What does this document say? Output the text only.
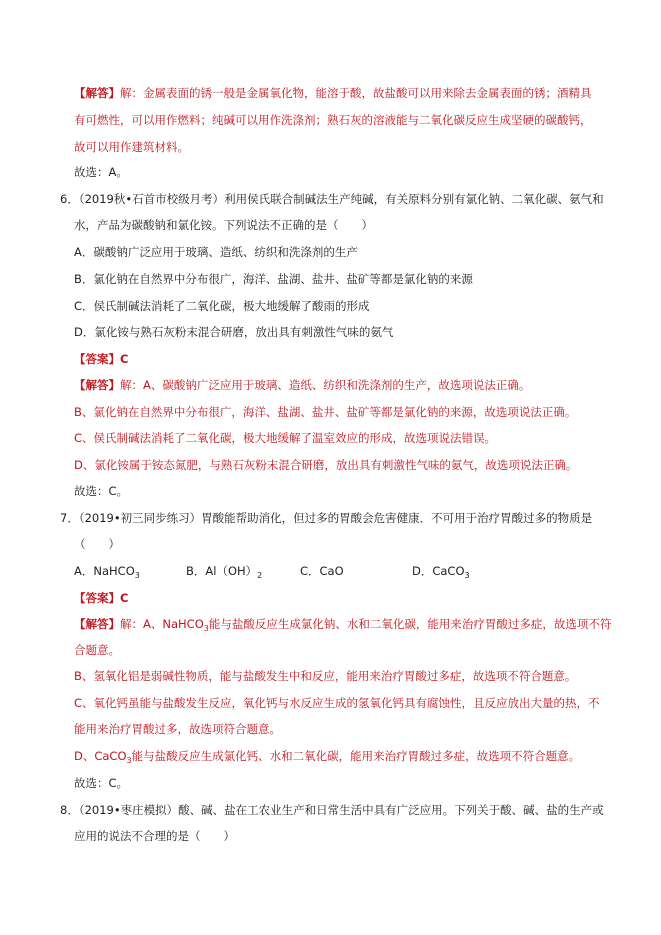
【解答】解：金属表面的锈一般是金属氧化物，能溶于酸，故盐酸可以用来除去金属表面的锈；酒精具
有可燃性，可以用作燃料；纯碱可以用作洗涤剂；熟石灰的溶液能与二氧化碳反应生成坚硬的碳酸钙，
故可以用作建筑材料。
故选：A。
6．（2019秋•石首市校级月考）利用侯氏联合制碱法生产纯碱，有关原料分别有氯化钠、二氧化碳、氨气和
水，产品为碳酸钠和氯化铵。下列说法不正确的是（　　）
A．碳酸钠广泛应用于玻璃、造纸、纺织和洗涤剂的生产
B．氯化钠在自然界中分布很广，海洋、盐湖、盐井、盐矿等都是氯化钠的来源
C．侯氏制碱法消耗了二氧化碳，极大地缓解了酸雨的形成
D．氯化铵与熟石灰粉末混合研磨，放出具有刺激性气味的氨气
【答案】C
【解答】解：A、碳酸钠广泛应用于玻璃、造纸、纺织和洗涤剂的生产，故选项说法正确。
B、氯化钠在自然界中分布很广，海洋、盐湖、盐井、盐矿等都是氯化钠的来源，故选项说法正确。
C、侯氏制碱法消耗了二氧化碳，极大地缓解了温室效应的形成，故选项说法错误。
D、氯化铵属于铵态氮肥，与熟石灰粉末混合研磨，放出具有刺激性气味的氨气，故选项说法正确。
故选：C。
7．（2019•初三同步练习）胃酸能帮助消化，但过多的胃酸会危害健康．不可用于治疗胃酸过多的物质是
（　　）
A．NaHCO$_3$	B．$Al(OH)_2$	C．CaO	D．CaCO$_3$
【答案】C
【解答】解：A、NaHCO$_3$能与盐酸反应生成氯化钠、水和二氧化碳，能用来治疗胃酸过多症，故选项不符
合题意。
B、氢氧化铝是弱碱性物质，能与盐酸发生中和反应，能用来治疗胃酸过多症，故选项不符合题意。
C、氧化钙虽能与盐酸发生反应，氧化钙与水反应生成的氢氧化钙具有腐蚀性，且反应放出大量的热，不
能用来治疗胃酸过多，故选项符合题意。
D、CaCO$_3$能与盐酸反应生成氯化钙、水和二氧化碳，能用来治疗胃酸过多症，故选项不符合题意。
故选：C。
8．（2019•枣庄模拟）酸、碱、盐在工农业生产和日常生活中具有广泛应用。下列关于酸、碱、盐的生产或
应用的说法不合理的是（　　）
